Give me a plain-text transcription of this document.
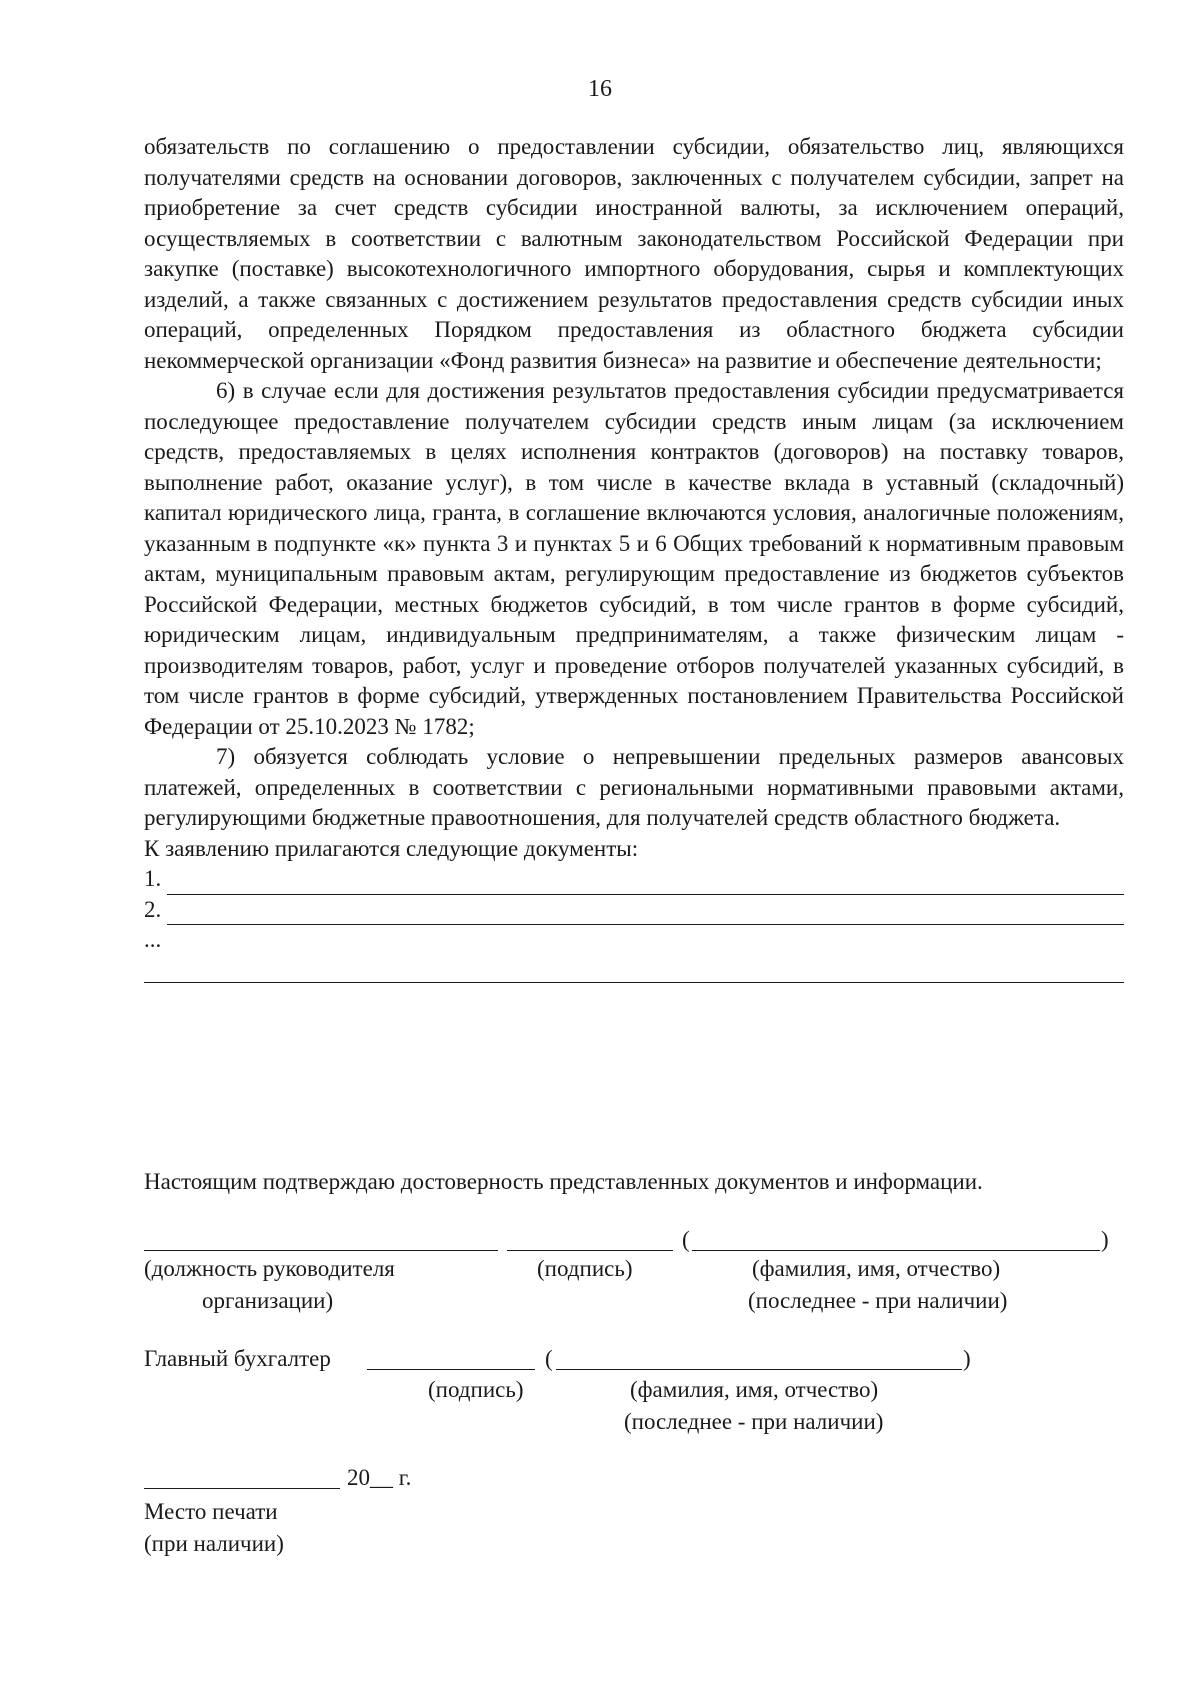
16

обязательств по соглашению о предоставлении субсидии, обязательство лиц, являющихся получателями средств на основании договоров, заключенных с получателем субсидии, запрет на приобретение за счет средств субсидии иностранной валюты, за исключением операций, осуществляемых в соответствии с валютным законодательством Российской Федерации при закупке (поставке) высокотехнологичного импортного оборудования, сырья и комплектующих изделий, а также связанных с достижением результатов предоставления средств субсидии иных операций, определенных Порядком предоставления из областного бюджета субсидии некоммерческой организации «Фонд развития бизнеса» на развитие и обеспечение деятельности;

6) в случае если для достижения результатов предоставления субсидии предусматривается последующее предоставление получателем субсидии средств иным лицам (за исключением средств, предоставляемых в целях исполнения контрактов (договоров) на поставку товаров, выполнение работ, оказание услуг), в том числе в качестве вклада в уставный (складочный) капитал юридического лица, гранта, в соглашение включаются условия, аналогичные положениям, указанным в подпункте «к» пункта 3 и пунктах 5 и 6 Общих требований к нормативным правовым актам, муниципальным правовым актам, регулирующим предоставление из бюджетов субъектов Российской Федерации, местных бюджетов субсидий, в том числе грантов в форме субсидий, юридическим лицам, индивидуальным предпринимателям, а также физическим лицам - производителям товаров, работ, услуг и проведение отборов получателей указанных субсидий, в том числе грантов в форме субсидий, утвержденных постановлением Правительства Российской Федерации от 25.10.2023 № 1782;

7) обязуется соблюдать условие о непревышении предельных размеров авансовых платежей, определенных в соответствии с региональными нормативными правовыми актами, регулирующими бюджетные правоотношения, для получателей средств областного бюджета.

К заявлению прилагаются следующие документы:
1.
2.
...
Настоящим подтверждаю достоверность представленных документов и информации.
(	)
(должность руководителя
организации)
(подпись)	(фамилия, имя, отчество)
(последнее - при наличии)
Главный бухгалтер	(	)
(подпись)	(фамилия, имя, отчество)
(последнее - при наличии)
20__ г.
Место печати
(при наличии)
